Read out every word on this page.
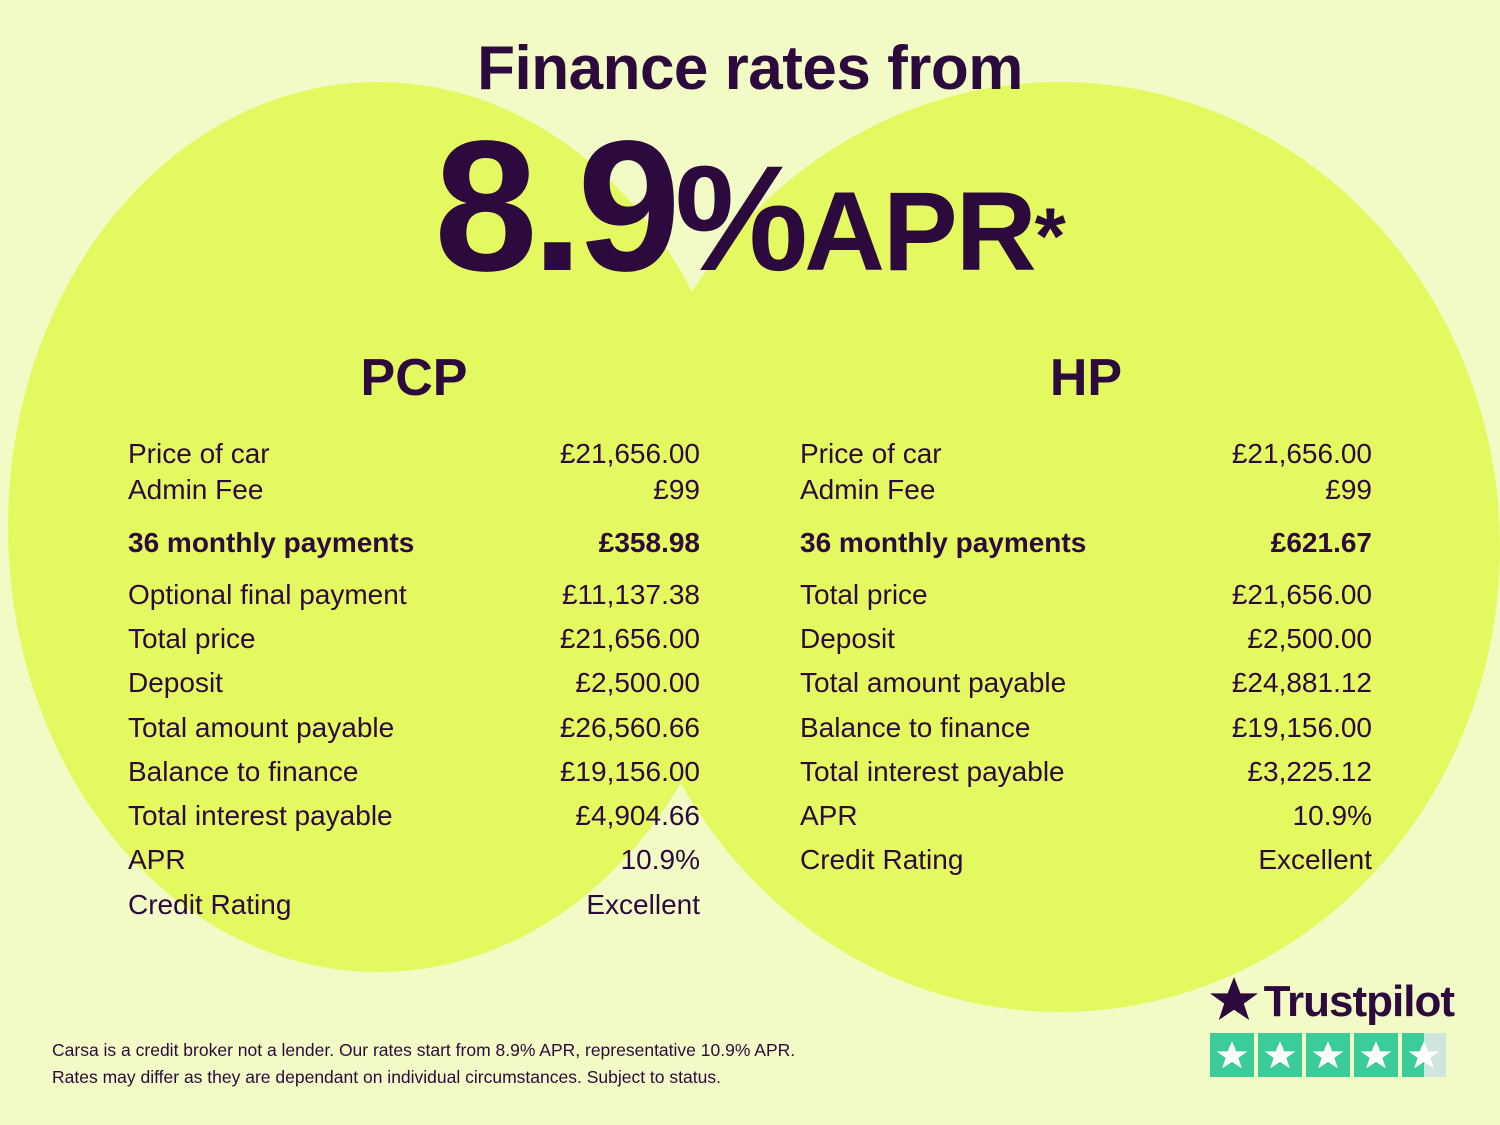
Finance rates from
8.9%APR*
PCP
Price of car	£21,656.00
Admin Fee	£99
36 monthly payments	£358.98
Optional final payment	£11,137.38
Total price	£21,656.00
Deposit	£2,500.00
Total amount payable	£26,560.66
Balance to finance	£19,156.00
Total interest payable	£4,904.66
APR	10.9%
Credit Rating	Excellent
HP
Price of car	£21,656.00
Admin Fee	£99
36 monthly payments	£621.67
Total price	£21,656.00
Deposit	£2,500.00
Total amount payable	£24,881.12
Balance to finance	£19,156.00
Total interest payable	£3,225.12
APR	10.9%
Credit Rating	Excellent
Carsa is a credit broker not a lender. Our rates start from 8.9% APR, representative 10.9% APR.
Rates may differ as they are dependant on individual circumstances. Subject to status.
Trustpilot
